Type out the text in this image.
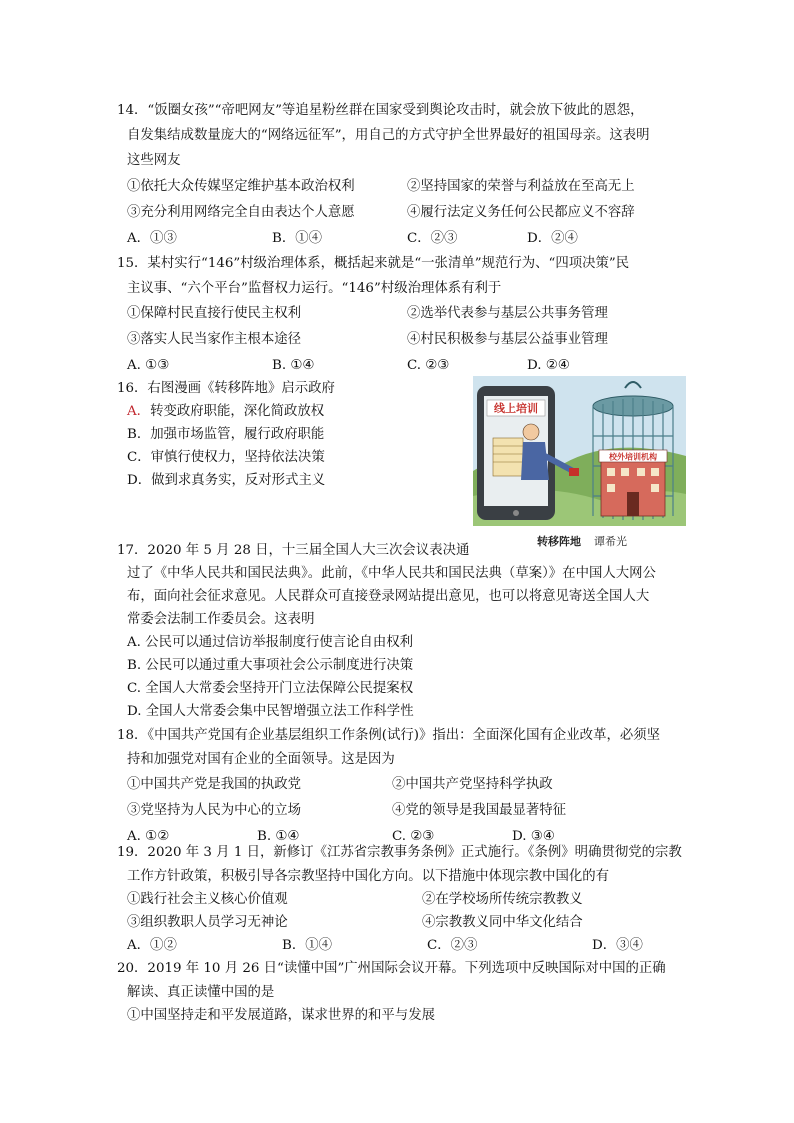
14．“饭圈女孩”“帝吧网友”等追星粉丝群在国家受到舆论攻击时，就会放下彼此的恩怨，
自发集结成数量庞大的“网络远征军”，用自己的方式守护全世界最好的祖国母亲。这表明
这些网友
①依托大众传媒坚定维护基本政治权利	②坚持国家的荣誉与利益放在至高无上
③充分利用网络完全自由表达个人意愿	④履行法定义务任何公民都应义不容辞
A．①③	B．①④	C．②③	D．②④
15．某村实行“146”村级治理体系，概括起来就是“一张清单”规范行为、“四项决策”民
主议事、“六个平台”监督权力运行。“146”村级治理体系有利于
①保障村民直接行使民主权利	②选举代表参与基层公共事务管理
③落实人民当家作主根本途径	④村民积极参与基层公益事业管理
A. ①③	B. ①④	C. ②③	D. ②④
16．右图漫画《转移阵地》启示政府
A．转变政府职能，深化简政放权
B．加强市场监管，履行政府职能
C．审慎行使权力，坚持依法决策
D．做到求真务实，反对形式主义
线上培训
校外培训机构
转移阵地 谭希光
17．2020 年 5 月 28 日，十三届全国人大三次会议表决通
过了《中华人民共和国民法典》。此前，《中华人民共和国民法典（草案）》在中国人大网公
布，面向社会征求意见。人民群众可直接登录网站提出意见，也可以将意见寄送全国人大
常委会法制工作委员会。这表明
A. 公民可以通过信访举报制度行使言论自由权利
B. 公民可以通过重大事项社会公示制度进行决策
C. 全国人大常委会坚持开门立法保障公民提案权
D. 全国人大常委会集中民智增强立法工作科学性
18．《中国共产党国有企业基层组织工作条例(试行)》指出：全面深化国有企业改革，必须坚
持和加强党对国有企业的全面领导。这是因为
①中国共产党是我国的执政党	②中国共产党坚持科学执政
③党坚持为人民为中心的立场	④党的领导是我国最显著特征
A. ①②	B. ①④	C. ②③	D. ③④
19．2020 年 3 月 1 日，新修订《江苏省宗教事务条例》正式施行。《条例》明确贯彻党的宗教
工作方针政策，积极引导各宗教坚持中国化方向。以下措施中体现宗教中国化的有
①践行社会主义核心价值观	②在学校场所传统宗教教义
③组织教职人员学习无神论	④宗教教义同中华文化结合
A．①②	B．①④	C．②③	D．③④
20．2019 年 10 月 26 日“读懂中国”广州国际会议开幕。下列选项中反映国际对中国的正确
解读、真正读懂中国的是
①中国坚持走和平发展道路，谋求世界的和平与发展
